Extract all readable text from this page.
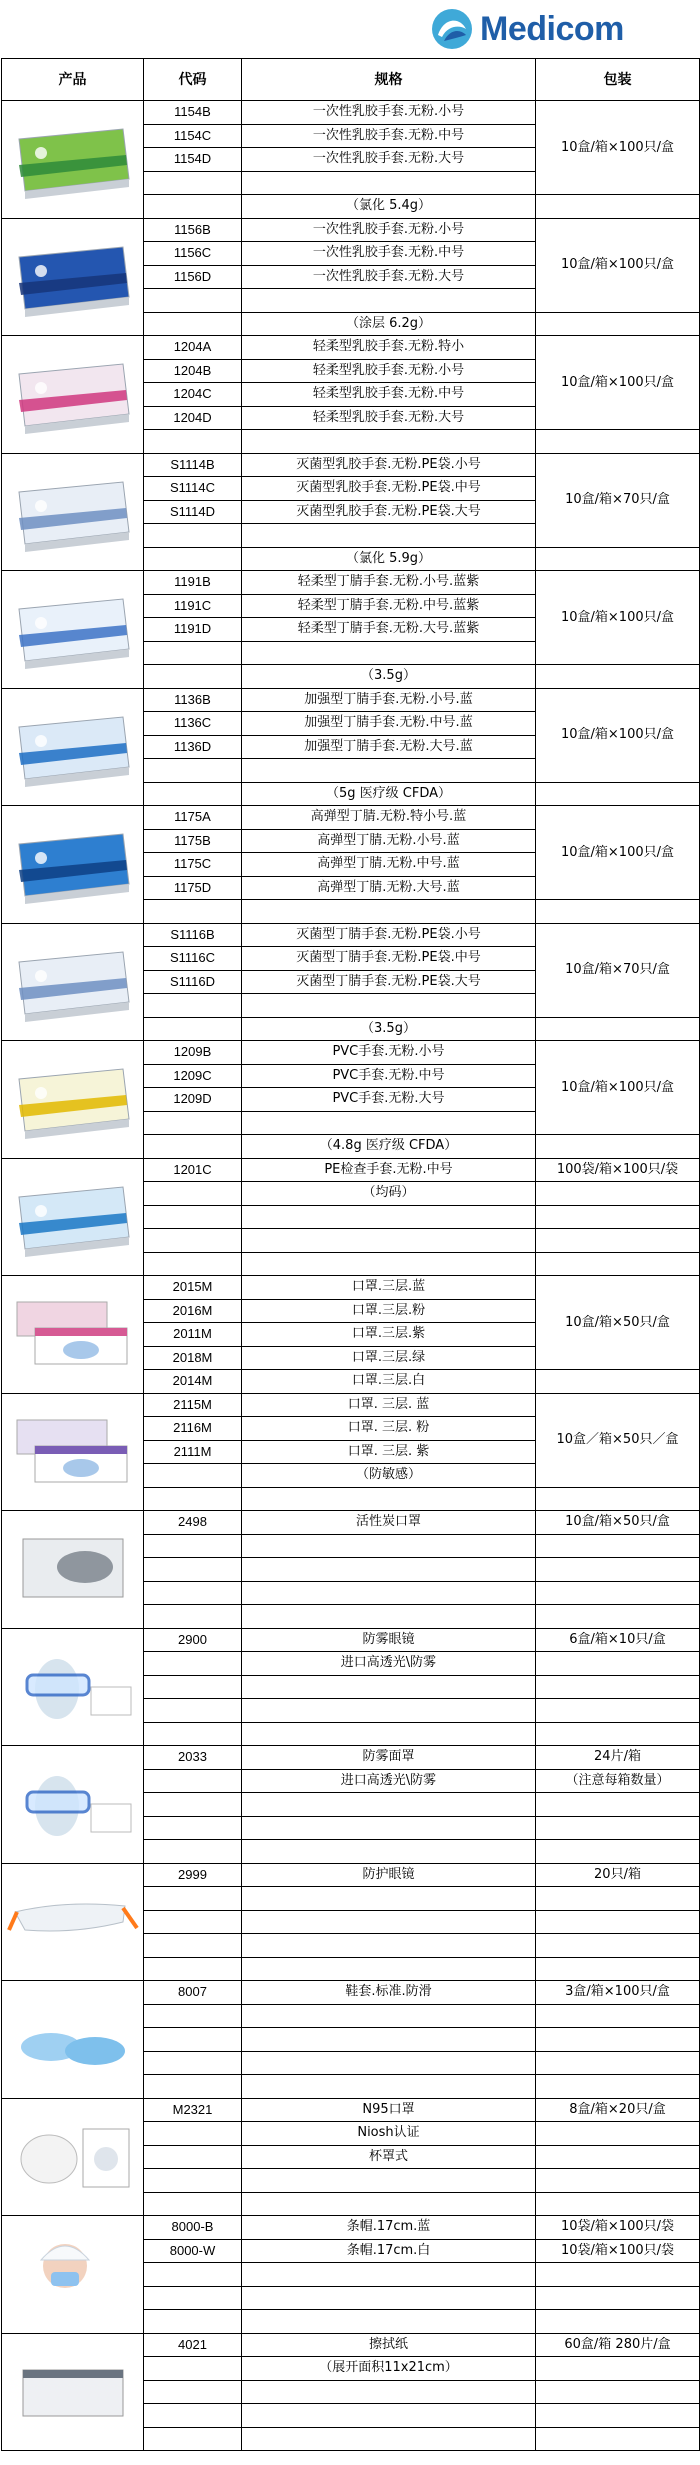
Medicom
产品	代码	规格	包装

	1154B	一次性乳胶手套.无粉.小号	10盒/箱×100只/盒
	1154C	一次性乳胶手套.无粉.中号	
	1154D	一次性乳胶手套.无粉.大号	

		（氯化 5.4g）	

	1156B	一次性乳胶手套.无粉.小号	10盒/箱×100只/盒
	1156C	一次性乳胶手套.无粉.中号	
	1156D	一次性乳胶手套.无粉.大号	

		（涂层 6.2g）	

	1204A	轻柔型乳胶手套.无粉.特小	10盒/箱×100只/盒
	1204B	轻柔型乳胶手套.无粉.小号	
	1204C	轻柔型乳胶手套.无粉.中号	
	1204D	轻柔型乳胶手套.无粉.大号	

	S1114B	灭菌型乳胶手套.无粉.PE袋.小号	10盒/箱×70只/盒
	S1114C	灭菌型乳胶手套.无粉.PE袋.中号	
	S1114D	灭菌型乳胶手套.无粉.PE袋.大号	

		（氯化 5.9g）	

	1191B	轻柔型丁腈手套.无粉.小号.蓝紫	10盒/箱×100只/盒
	1191C	轻柔型丁腈手套.无粉.中号.蓝紫	
	1191D	轻柔型丁腈手套.无粉.大号.蓝紫	

		（3.5g）	

	1136B	加强型丁腈手套.无粉.小号.蓝	10盒/箱×100只/盒
	1136C	加强型丁腈手套.无粉.中号.蓝	
	1136D	加强型丁腈手套.无粉.大号.蓝	

		（5g 医疗级 CFDA）	

	1175A	高弹型丁腈.无粉.特小号.蓝	10盒/箱×100只/盒
	1175B	高弹型丁腈.无粉.小号.蓝	
	1175C	高弹型丁腈.无粉.中号.蓝	
	1175D	高弹型丁腈.无粉.大号.蓝	

	S1116B	灭菌型丁腈手套.无粉.PE袋.小号	10盒/箱×70只/盒
	S1116C	灭菌型丁腈手套.无粉.PE袋.中号	
	S1116D	灭菌型丁腈手套.无粉.PE袋.大号	

		（3.5g）	

	1209B	PVC手套.无粉.小号	10盒/箱×100只/盒
	1209C	PVC手套.无粉.中号	
	1209D	PVC手套.无粉.大号	

		（4.8g 医疗级 CFDA）	

	1201C	PE检查手套.无粉.中号	100袋/箱×100只/袋
		（均码）	

	2015M	口罩.三层.蓝	10盒/箱×50只/盒
	2016M	口罩.三层.粉	
	2011M	口罩.三层.紫	
	2018M	口罩.三层.绿	
	2014M	口罩.三层.白	

	2115M	口罩. 三层. 蓝	10盒／箱×50只／盒
	2116M	口罩. 三层. 粉	
	2111M	口罩. 三层. 紫	
		（防敏感）	

	2498	活性炭口罩	10盒/箱×50只/盒

	2900	防雾眼镜	6盒/箱×10只/盒
		进口高透光\防雾	

	2033	防雾面罩	24片/箱
		进口高透光\防雾	（注意每箱数量）

	2999	防护眼镜	20只/箱

	8007	鞋套.标准.防滑	3盒/箱×100只/盒

	M2321	N95口罩	8盒/箱×20只/盒
		Niosh认证	
		杯罩式	

	8000-B	条帽.17cm.蓝	10袋/箱×100只/袋
	8000-W	条帽.17cm.白	10袋/箱×100只/袋

	4021	擦拭纸	60盒/箱 280片/盒
		（展开面积11x21cm）	
